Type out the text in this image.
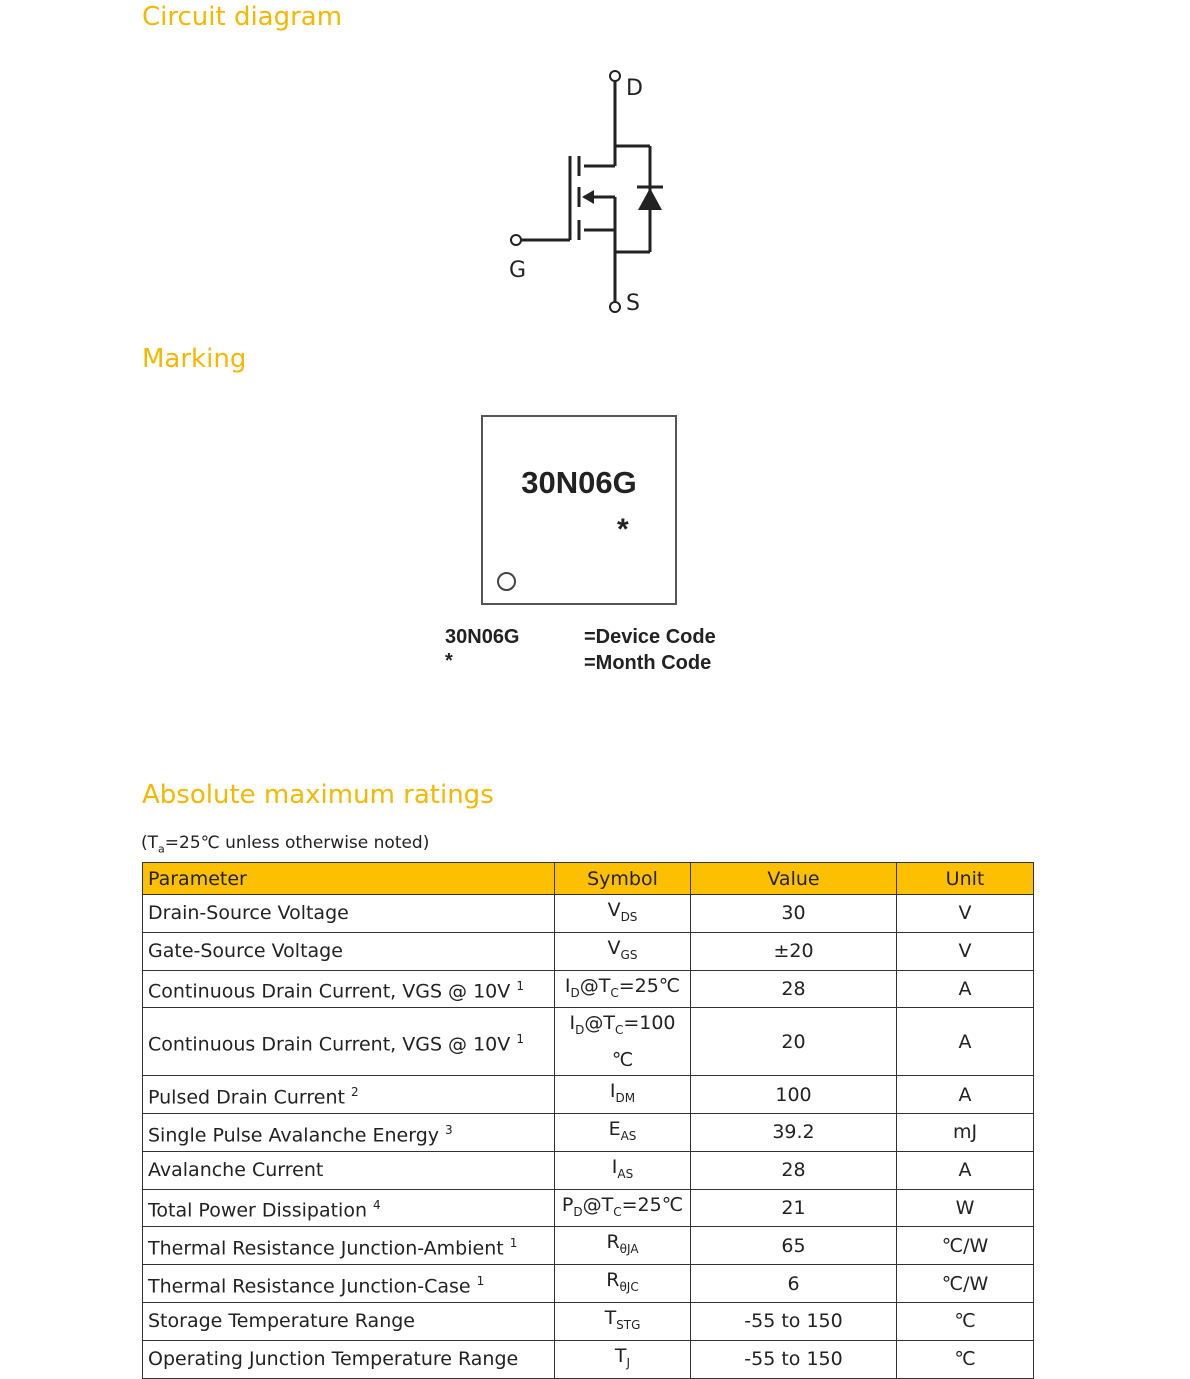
Circuit diagram
D
G
S
Marking
30N06G
*
30N06G	=Device Code
*	=Month Code
Absolute maximum ratings
($T_a=25℃$ unless otherwise noted)
Parameter	Symbol	Value	Unit
Drain-Source Voltage	$V_{DS}$	30	V
Gate-Source Voltage	$V_{GS}$	±20	V
Continuous Drain Current, VGS @ 10V $^1$	$I_D@T_C=25℃$	28	A
Continuous Drain Current, VGS @ 10V $^1$	$I_D@T_C=100$ ℃	20	A
Pulsed Drain Current $^2$	$I_{DM}$	100	A
Single Pulse Avalanche Energy $^3$	$E_{AS}$	39.2	mJ
Avalanche Current	$I_{AS}$	28	A
Total Power Dissipation $^4$	$P_D@T_C=25℃$	21	W
Thermal Resistance Junction-Ambient $^1$	$R_{\theta JA}$	65	℃/W
Thermal Resistance Junction-Case $^1$	$R_{\theta JC}$	6	℃/W
Storage Temperature Range	$T_{STG}$	-55 to 150	℃
Operating Junction Temperature Range	$T_J$	-55 to 150	℃
